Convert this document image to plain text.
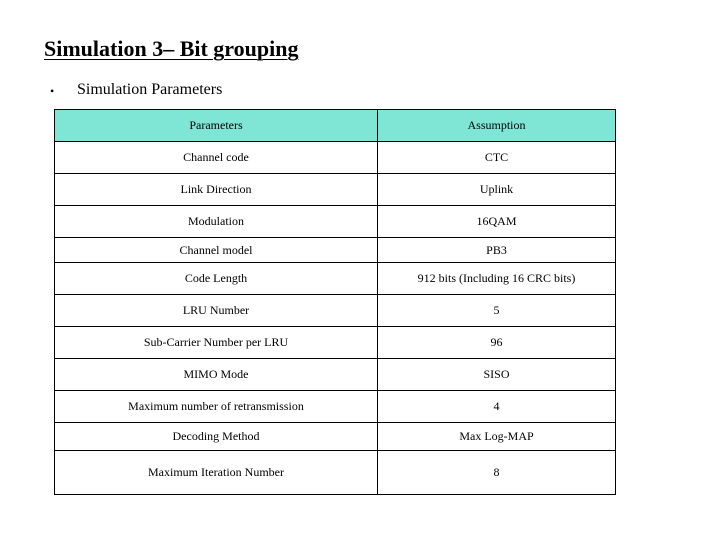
Simulation 3– Bit grouping
• Simulation Parameters
Parameters	Assumption
Channel code	CTC
Link Direction	Uplink
Modulation	16QAM
Channel model	PB3
Code Length	912 bits (Including 16 CRC bits)
LRU Number	5
Sub-Carrier Number per LRU	96
MIMO Mode	SISO
Maximum number of retransmission	4
Decoding Method	Max Log-MAP
Maximum Iteration Number	8
